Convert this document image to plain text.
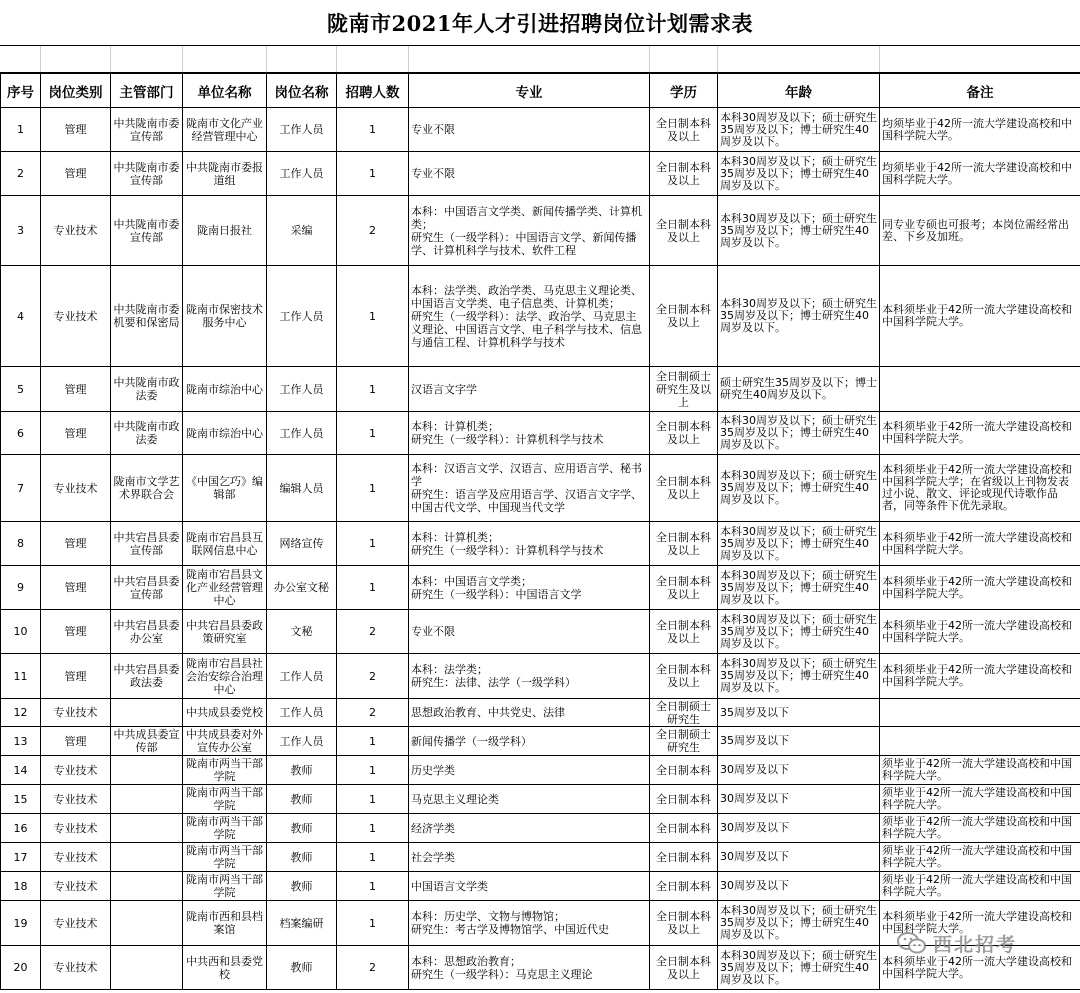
陇南市2021年人才引进招聘岗位计划需求表
序号	岗位类别	主管部门	单位名称	岗位名称	招聘人数	专业	学历	年龄	备注

1	管理	中共陇南市委宣传部	陇南市文化产业经营管理中心	工作人员	1	专业不限	全日制本科及以上	本科30周岁及以下；硕士研究生35周岁及以下；博士研究生40周岁及以下。	均须毕业于42所一流大学建设高校和中国科学院大学。

2	管理	中共陇南市委宣传部	中共陇南市委报道组	工作人员	1	专业不限	全日制本科及以上	本科30周岁及以下；硕士研究生35周岁及以下；博士研究生40周岁及以下。	均须毕业于42所一流大学建设高校和中国科学院大学。

3	专业技术	中共陇南市委宣传部	陇南日报社	采编	2	本科：中国语言文学类、新闻传播学类、计算机类；
研究生（一级学科）：中国语言文学、新闻传播学、计算机科学与技术、软件工程	全日制本科及以上	本科30周岁及以下；硕士研究生35周岁及以下；博士研究生40周岁及以下。	同专业专硕也可报考；本岗位需经常出差、下乡及加班。

4	专业技术	中共陇南市委机要和保密局	陇南市保密技术服务中心	工作人员	1	本科：法学类、政治学类、马克思主义理论类、中国语言文学类、电子信息类、计算机类；
研究生（一级学科）：法学、政治学、马克思主义理论、中国语言文学、电子科学与技术、信息与通信工程、计算机科学与技术	全日制本科及以上	本科30周岁及以下；硕士研究生35周岁及以下；博士研究生40周岁及以下。	本科须毕业于42所一流大学建设高校和中国科学院大学。

5	管理	中共陇南市政法委	陇南市综治中心	工作人员	1	汉语言文字学	全日制硕士研究生及以上	硕士研究生35周岁及以下；博士研究生40周岁及以下。	

6	管理	中共陇南市政法委	陇南市综治中心	工作人员	1	本科：计算机类；
研究生（一级学科）：计算机科学与技术	全日制本科及以上	本科30周岁及以下；硕士研究生35周岁及以下；博士研究生40周岁及以下。	本科须毕业于42所一流大学建设高校和中国科学院大学。

7	专业技术	陇南市文学艺术界联合会	《中国乞巧》编辑部	编辑人员	1	本科：汉语言文学、汉语言、应用语言学、秘书学
研究生：语言学及应用语言学、汉语言文字学、中国古代文学、中国现当代文学	全日制本科及以上	本科30周岁及以下；硕士研究生35周岁及以下；博士研究生40周岁及以下。	本科须毕业于42所一流大学建设高校和中国科学院大学；在省级以上刊物发表过小说、散文、评论或现代诗歌作品者，同等条件下优先录取。

8	管理	中共宕昌县委宣传部	陇南市宕昌县互联网信息中心	网络宣传	1	本科：计算机类；
研究生（一级学科）：计算机科学与技术	全日制本科及以上	本科30周岁及以下；硕士研究生35周岁及以下；博士研究生40周岁及以下。	本科须毕业于42所一流大学建设高校和中国科学院大学。

9	管理	中共宕昌县委宣传部	陇南市宕昌县文化产业经营管理中心	办公室文秘	1	本科：中国语言文学类；
研究生（一级学科）：中国语言文学	全日制本科及以上	本科30周岁及以下；硕士研究生35周岁及以下；博士研究生40周岁及以下。	本科须毕业于42所一流大学建设高校和中国科学院大学。

10	管理	中共宕昌县委办公室	中共宕昌县委政策研究室	文秘	2	专业不限	全日制本科及以上	本科30周岁及以下；硕士研究生35周岁及以下；博士研究生40周岁及以下。	本科须毕业于42所一流大学建设高校和中国科学院大学。

11	管理	中共宕昌县委政法委	陇南市宕昌县社会治安综合治理中心	工作人员	2	本科：法学类；
研究生：法律、法学（一级学科）	全日制本科及以上	本科30周岁及以下；硕士研究生35周岁及以下；博士研究生40周岁及以下。	本科须毕业于42所一流大学建设高校和中国科学院大学。

12	专业技术		中共成县委党校	工作人员	2	思想政治教育、中共党史、法律	全日制硕士研究生	35周岁及以下	

13	管理	中共成县委宣传部	中共成县委对外宣传办公室	工作人员	1	新闻传播学（一级学科）	全日制硕士研究生	35周岁及以下	

14	专业技术		陇南市两当干部学院	教师	1	历史学类	全日制本科	30周岁及以下	须毕业于42所一流大学建设高校和中国科学院大学。

15	专业技术		陇南市两当干部学院	教师	1	马克思主义理论类	全日制本科	30周岁及以下	须毕业于42所一流大学建设高校和中国科学院大学。

16	专业技术		陇南市两当干部学院	教师	1	经济学类	全日制本科	30周岁及以下	须毕业于42所一流大学建设高校和中国科学院大学。

17	专业技术		陇南市两当干部学院	教师	1	社会学类	全日制本科	30周岁及以下	须毕业于42所一流大学建设高校和中国科学院大学。

18	专业技术		陇南市两当干部学院	教师	1	中国语言文学类	全日制本科	30周岁及以下	须毕业于42所一流大学建设高校和中国科学院大学。

19	专业技术		陇南市西和县档案馆	档案编研	1	本科：历史学、文物与博物馆；
研究生：考古学及博物馆学、中国近代史	全日制本科及以上	本科30周岁及以下；硕士研究生35周岁及以下；博士研究生40周岁及以下。	本科须毕业于42所一流大学建设高校和中国科学院大学。

20	专业技术		中共西和县委党校	教师	2	本科：思想政治教育；
研究生（一级学科）：马克思主义理论	全日制本科及以上	本科30周岁及以下；硕士研究生35周岁及以下；博士研究生40周岁及以下。	本科须毕业于42所一流大学建设高校和中国科学院大学。
西北招考
